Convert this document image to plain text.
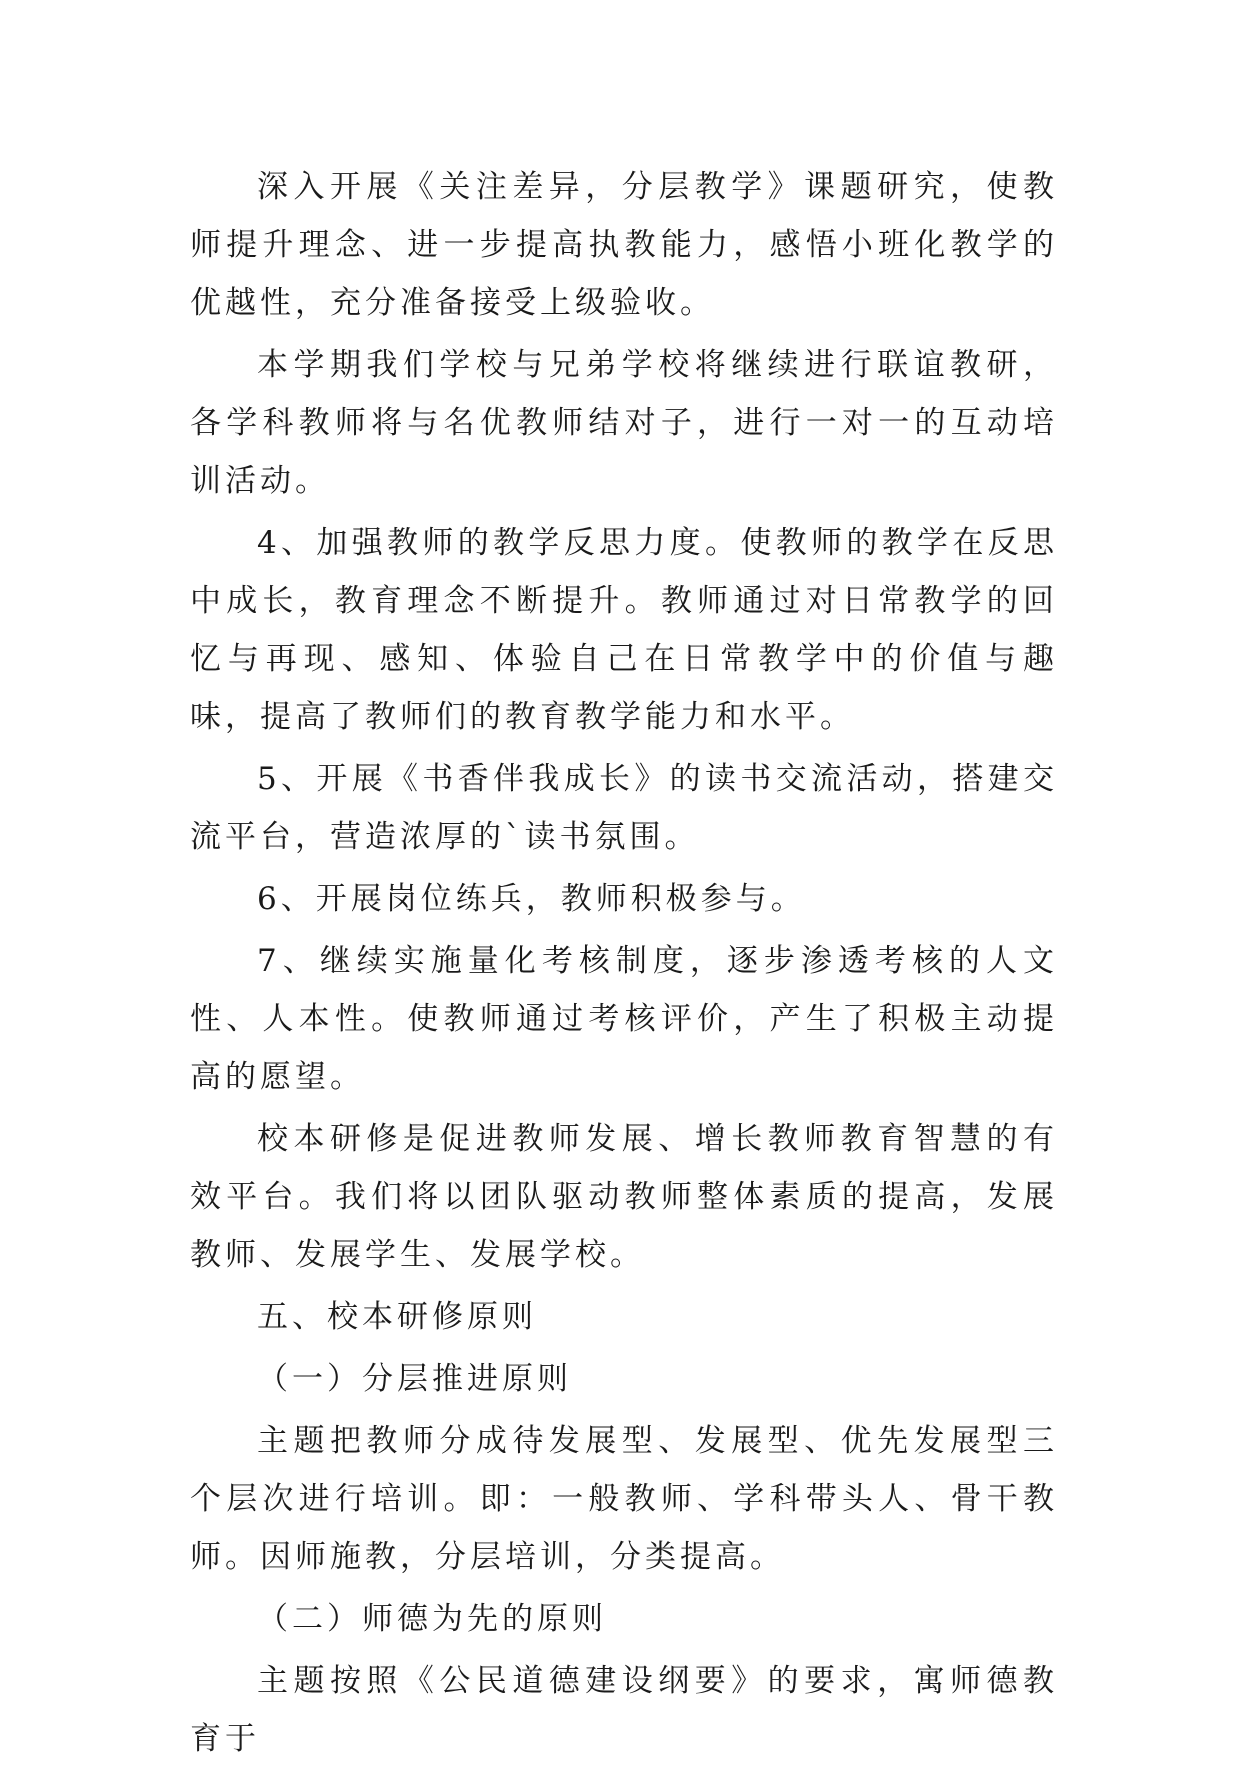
深入开展《关注差异，分层教学》课题研究，使教师提升理念、进一步提高执教能力，感悟小班化教学的优越性，充分准备接受上级验收。

本学期我们学校与兄弟学校将继续进行联谊教研，各学科教师将与名优教师结对子，进行一对一的互动培训活动。

4、加强教师的教学反思力度。使教师的教学在反思中成长，教育理念不断提升。教师通过对日常教学的回忆与再现、感知、体验自己在日常教学中的价值与趣味，提高了教师们的教育教学能力和水平。

5、开展《书香伴我成长》的读书交流活动，搭建交流平台，营造浓厚的`读书氛围。

6、开展岗位练兵，教师积极参与。

7、继续实施量化考核制度，逐步渗透考核的人文性、人本性。使教师通过考核评价，产生了积极主动提高的愿望。

校本研修是促进教师发展、增长教师教育智慧的有效平台。我们将以团队驱动教师整体素质的提高，发展教师、发展学生、发展学校。

五、校本研修原则

（一）分层推进原则

主题把教师分成待发展型、发展型、优先发展型三个层次进行培训。即：一般教师、学科带头人、骨干教师。因师施教，分层培训，分类提高。

（二）师德为先的原则

主题按照《公民道德建设纲要》的要求，寓师德教育于
